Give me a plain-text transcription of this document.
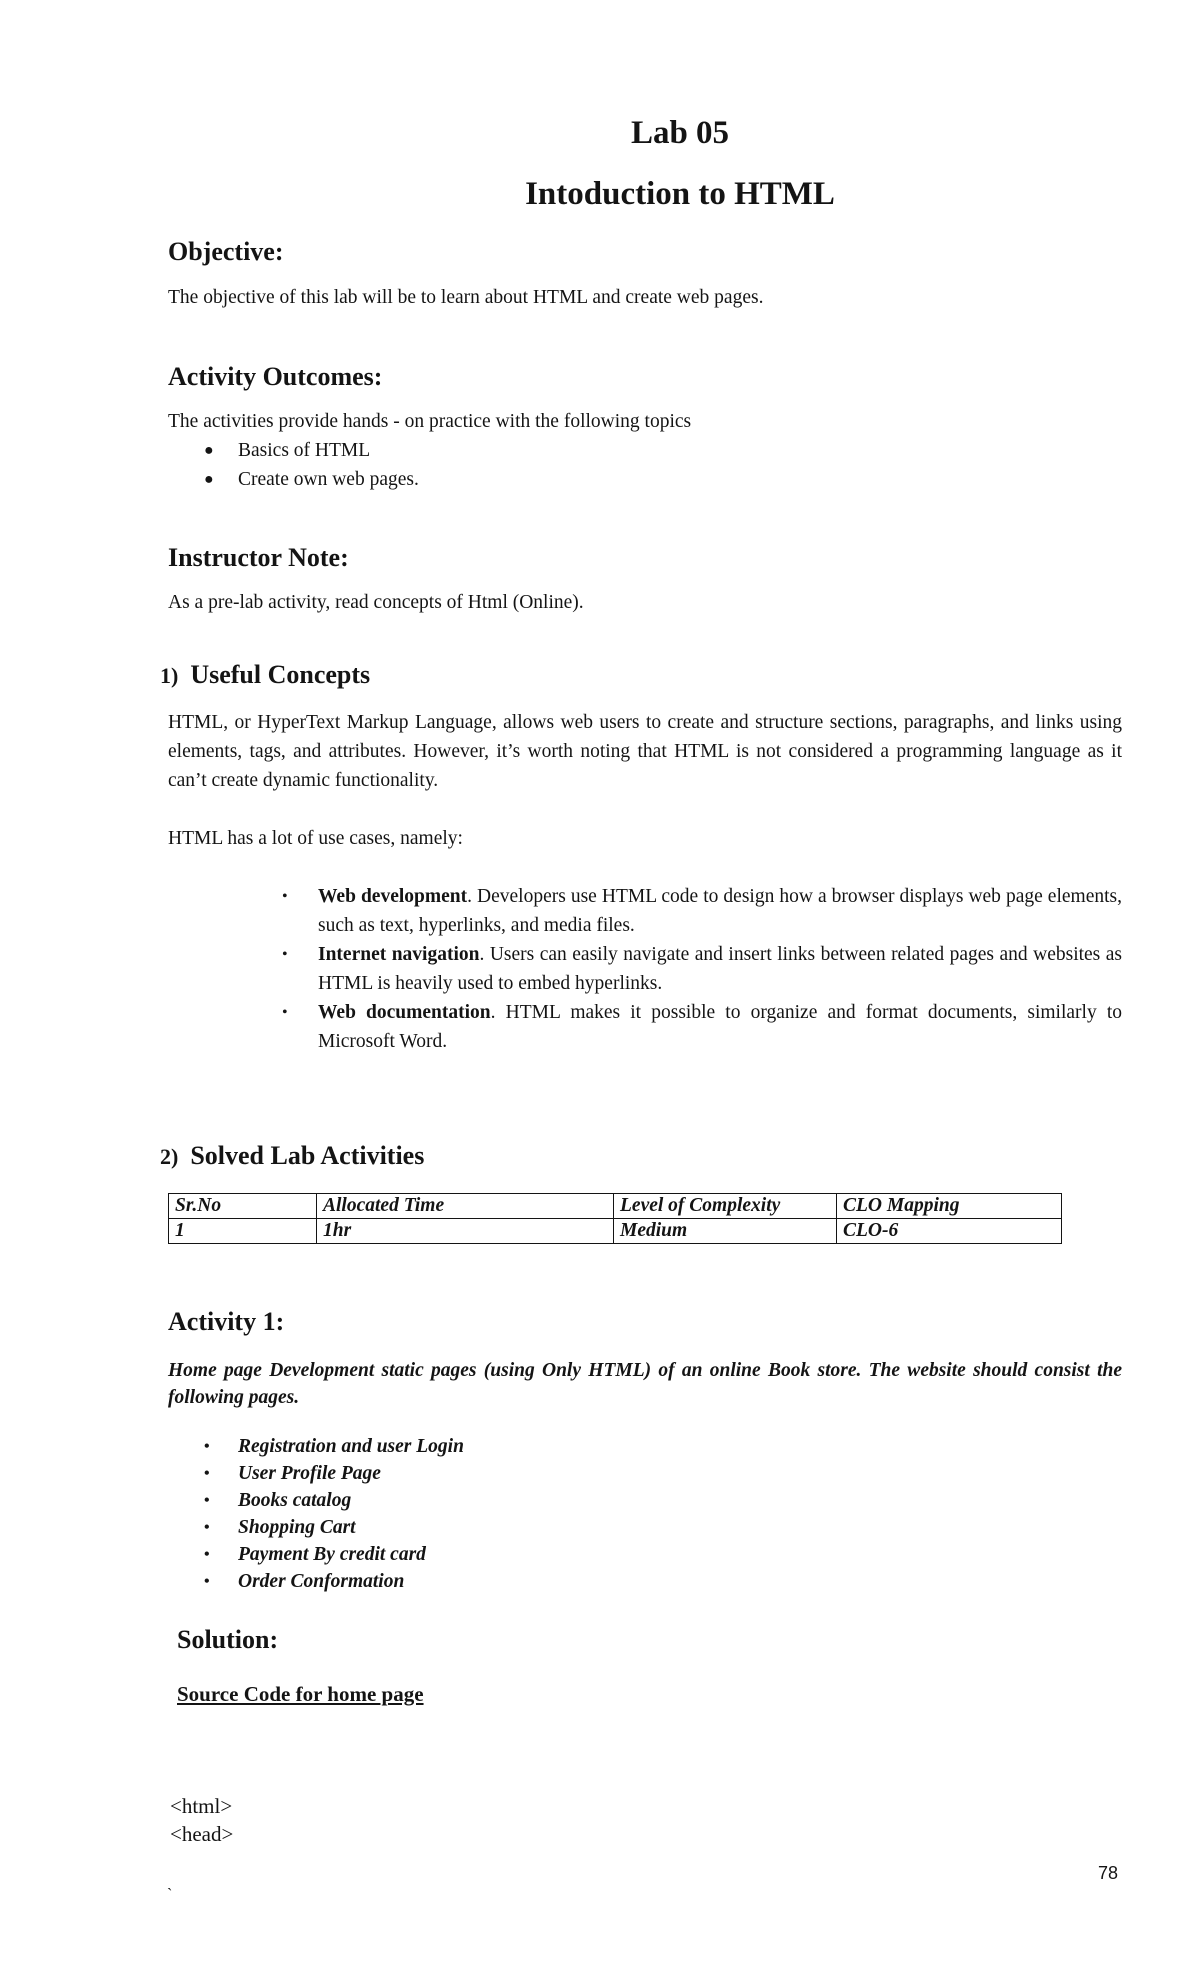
Lab 05
Intoduction to HTML
Objective:
The objective of this lab will be to learn about HTML and create web pages.
Activity Outcomes:
The activities provide hands - on practice with the following topics
● Basics of HTML
● Create own web pages.
Instructor Note:
As a pre-lab activity, read concepts of Html (Online).
1) Useful Concepts
HTML, or HyperText Markup Language, allows web users to create and structure sections, paragraphs, and links using elements, tags, and attributes. However, it’s worth noting that HTML is not considered a programming language as it can’t create dynamic functionality.
HTML has a lot of use cases, namely:
• Web development. Developers use HTML code to design how a browser displays web page elements, such as text, hyperlinks, and media files.
• Internet navigation. Users can easily navigate and insert links between related pages and websites as HTML is heavily used to embed hyperlinks.
• Web documentation. HTML makes it possible to organize and format documents, similarly to Microsoft Word.
2) Solved Lab Activities
Sr.No	Allocated Time	Level of Complexity	CLO Mapping
1	1hr	Medium	CLO-6
Activity 1:
Home page Development static pages (using Only HTML) of an online Book store. The website should consist the following pages.
• Registration and user Login
• User Profile Page
• Books catalog
• Shopping Cart
• Payment By credit card
• Order Conformation
Solution:
Source Code for home page
<html>
<head>
78
`
